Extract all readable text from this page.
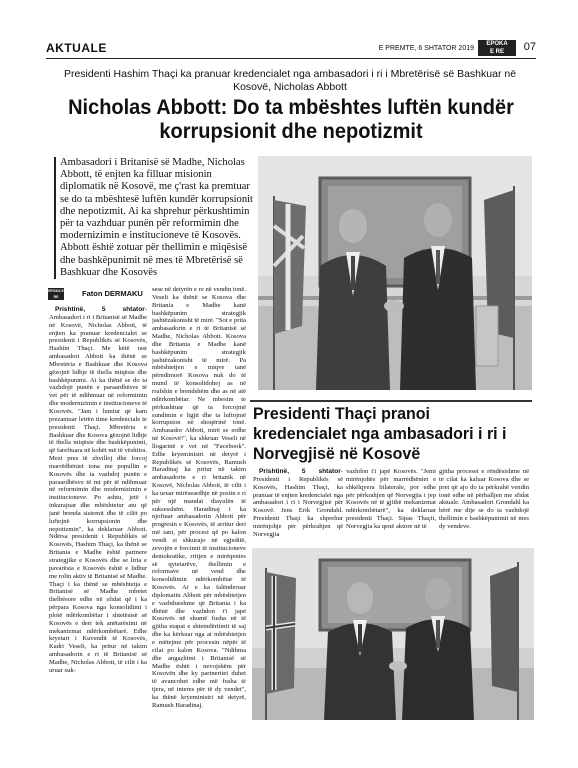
AKTUALE	E PREMTE, 6 SHTATOR 2019
EPOKA
E RE	07
Presidenti Hashim Thaçi ka pranuar kredencialet nga ambasadori i ri i Mbretërisë së Bashkuar në Kosovë, Nicholas Abbott
Nicholas Abbott: Do ta mbështes luftën kundër korrupsionit dhe nepotizmit
Ambasadori i Britanisë së Madhe, Nicholas Abbott, të enjten ka filluar misionin diplomatik në Kosovë, me ç'rast ka premtuar se do ta mbështesë luftën kundër korrupsionit dhe nepotizmit. Ai ka shprehur përkushtimin për ta vazhduar punën për reformimin dhe modernizimin e institucioneve të Kosovës. Abbott është zotuar për thellimin e miqësisë dhe bashkëpunimit në mes të Mbretërisë së Bashkuar dhe Kosovës
EPOKA E RE	Faton DERMAKU

Prishtinë, 5 shtator- Ambasadori i ri i Britanisë së Madhe në Kosovë, Nicholas Abbott, të enjten ka pranuar kredencialet se presidenti i Republikës së Kosovës, Hashim Thaçi. Me këtë rast ambasadori Abbott ka thënë se Mbretëria e Bashkuar dhe Kosova gëzojnë lidhje të thella miqësie dhe bashkëpunimi. Ai ka thënë se do ta vazhdojë punën e paraardhësve të vet për të ndihmuar në reformimin dhe modernizimin e institucioneve të Kosovës. "Jam i lumtur që kam prezantuar letrën time kredenciale te presidenti Thaçi. Mbretëria e Bashkuar dhe Kosova gëzojnë lidhje të thella miqësie dhe bashkëpunimi, që fareftuara në kohët më të vështira. Mezi pres të zhvilloj dhe forcoj marrëdhëniet tona me popullin e Kosovës dhe ta vazhdoj punën e paraardhësve të mi për të ndihmuar në reformimin dhe modernizimin e institucioneve. Po ashtu, jetë i inkurajuar dhe mbështetur atu që janë brenda sistemit dhe të cilët po luftojnë korrupsionin dhe nepotizmin", ka deklaruar Abbott. Ndërsa presidenti i Republikës së Kosovës, Hashim Thaçi, ka thënë se Britania e Madhe është partnere strategjike e Kosovës dhe se liria e pavarësia e Kosovës është e lidhur me rolin aktiv të Britanisë së Madhe. Thaçi i ka thënë se mbështetja e Britanisë së Madhe mbetet thelbësore edhe në sfidat që i ka përpara Kosova nga konsolidimi i plotë ndërkombëtar i shtetësisë së Kosovës e deri tek anëtarësimi në mekanizmat ndërkombëtarë. Edhe kryetari i Kuvendit të Kosovës, Kadri Veseli, ka pritur në takim ambasadorin e ri të Britanisë së Madhe, Nicholas Abbott, të cilit i ka uruar suk-

sese në detyrën e re në vendin tonë. Veseli ka thënë se Kosova dhe Britania e Madhe kanë bashkëpunim strategjik jashtëzakonisht të mirë. "Sot e prita ambasadorin e ri të Britanisë së Madhe, Nicholas Abbott. Kosova dhe Britania e Madhe kanë bashkëpunim strategjik jashtëzakonisht të mirë. Pa mbështetjen e miqve tanë përndimorë Kosova nuk do të mund të konsolidohej as në rrafshin e brendshëm dhe as në atë ndërkombëtar. Ne mbesim te përkushtuar që ta forcojmë sundimin e ligjit dhe ta luftojmë korrupsion në shoqërinë tonë. Ambasador Abbott, mirë se erdhe në Kosovë!", ka shkruar Veseli në llogarinë e vet në "Facebook". Edhe kryeministri në detyrë i Republikës së Kosovës, Ramush Haradinaj ka pritur në takim ambasadorin e ri britanik në Kosovë, Nicholas Abbott, të cilit i ka uruar mirëseardhje në postin e ri për një mandat diayulën të suksesshëm. Haradinaj i ka njoftuar ambasadorin Abbott për progresin e Kosovës, të arritur deri më tani, për procesi që po kalon vendi si shkurajo në egjeditë, zevojën e forcimit të institucioneve demokratike, rritjen e mirëqenies së qytetarëve, thellimin e reformave në vend dhe konsolidimin ndërkombëtar të Kosovës. Ai e ka falënderuar diplomatin Abbott për mbështetjen e vazhdueshme që Britania i ka dhënë dhe vazhdon t'i japë Kosovës në shumë fusha në të gjitha etapat e shtetndërtimit të saj dhe ka kërkuar nga ai mbështetjen e mëtejme për procesin nëpër të cilat po kalon Kosova. "Ndihma dhe angazhimi i Britanisë së Madhe është i nevojshëm për Kosovën dhe ky partneritet duhet të avancohet edhe më fusha të tjera, në interes për të dy vendet", ka thënë kryeministri në detyrë, Ramush Haradinaj.

Presidenti Thaçi pranoi kredencialet nga ambasadori i ri i Norvegjisë në Kosovë

Prishtinë, 5 shtator- Presidenti i Republikës së Kosovës, Hashim Thaçi, ka pranuar të enjten kredencialet nga ambasadori i ri i Norvegjisë për Kosovë. Jens Erik Grondahl. Presidenti Thaçi ka shprehur mirënjohje për përkrahjen që Norvegjia

vazhdon t'i japë Kosovës. "Jemi mirënjohës për marrëdhëniet e shkëlqyera bilaterale, por edhe për përkrahjen që Norvegjia i jep Kosovës në të gjithë mekanizmat ndërkombëtarë", ka deklaruar presidenti Thaçi. Sipas Thaçit, Norvegjia ka qenë aktore në të

gjitha proceset e rëndësishme në të cilat ka kaluar Kosova dhe se pret që ajo do ta përkrahë vendin tonë edhe në përballjen me sfidat aktuale. Ambasadori Grondahl ka bërë me dije se do ta vazhdojë thellimin e bashkëpunimit në mes dy vendeve.
